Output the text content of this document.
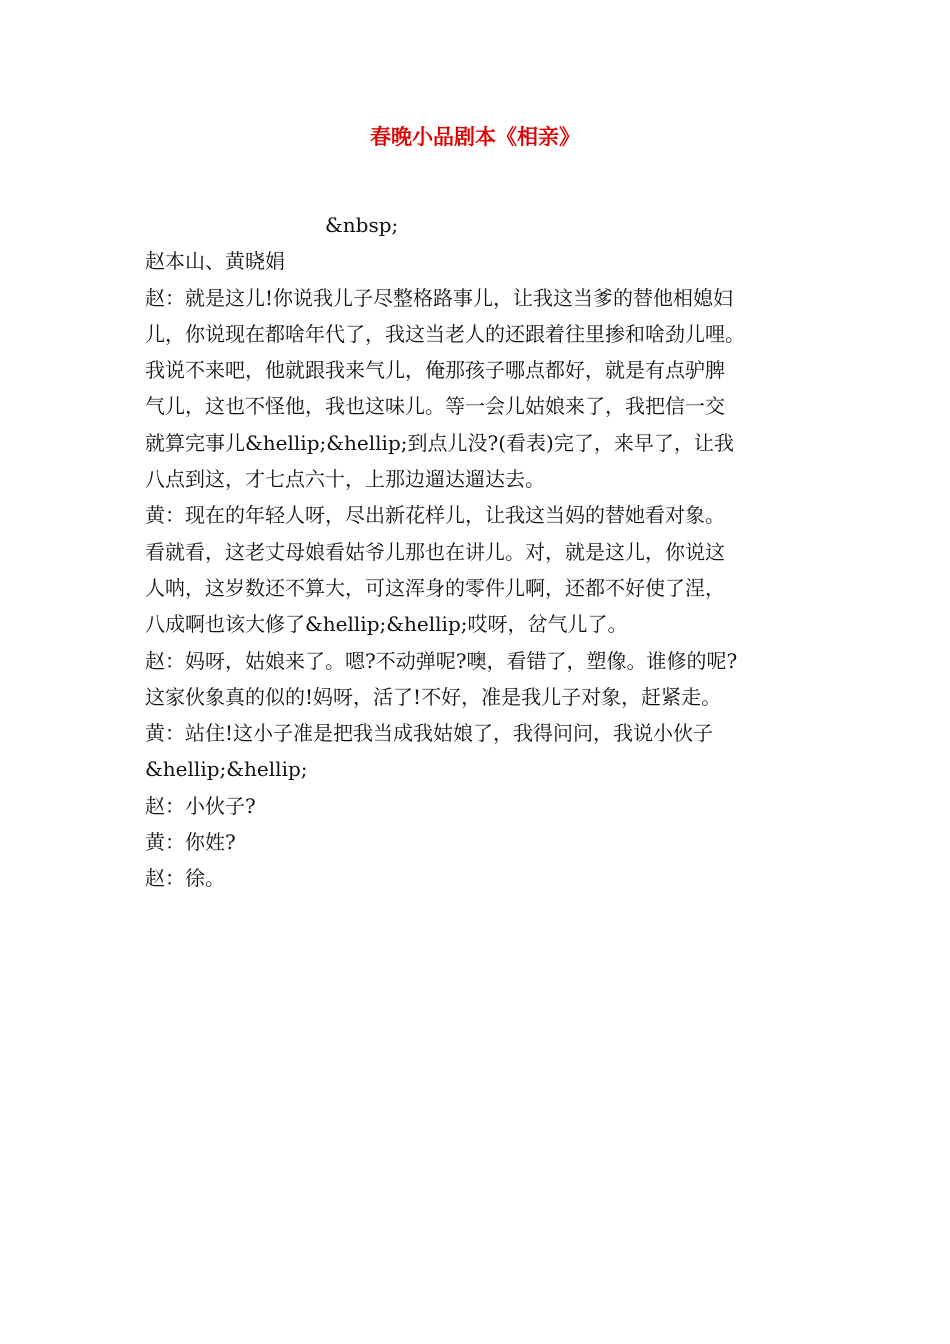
春晚小品剧本《相亲》
&nbsp;
赵本山、黄晓娟
赵：就是这儿!你说我儿子尽整格路事儿，让我这当爹的替他相媳妇
儿，你说现在都啥年代了，我这当老人的还跟着往里掺和啥劲儿哩。
我说不来吧，他就跟我来气儿，俺那孩子哪点都好，就是有点驴脾
气儿，这也不怪他，我也这味儿。等一会儿姑娘来了，我把信一交
就算完事儿&hellip;&hellip;到点儿没?(看表)完了，来早了，让我
八点到这，才七点六十，上那边遛达遛达去。
黄：现在的年轻人呀，尽出新花样儿，让我这当妈的替她看对象。
看就看，这老丈母娘看姑爷儿那也在讲儿。对，就是这儿，你说这
人呐，这岁数还不算大，可这浑身的零件儿啊，还都不好使了涅，
八成啊也该大修了&hellip;&hellip;哎呀，岔气儿了。
赵：妈呀，姑娘来了。嗯?不动弹呢?噢，看错了，塑像。谁修的呢?
这家伙象真的似的!妈呀，活了!不好，准是我儿子对象，赶紧走。
黄：站住!这小子准是把我当成我姑娘了，我得问问，我说小伙子
&hellip;&hellip;
赵：小伙子?
黄：你姓?
赵：徐。
